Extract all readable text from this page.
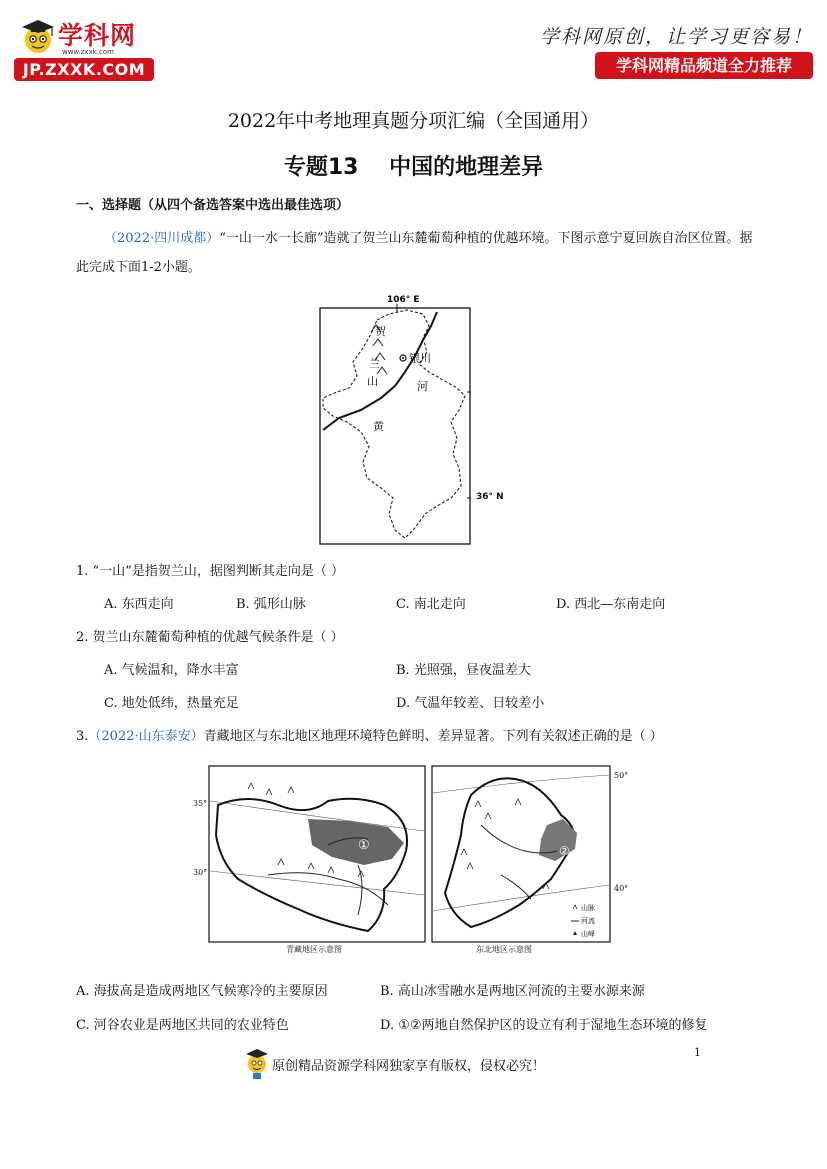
学科网
www.zxxk.com
JP.ZXXK.COM
学科网原创，让学习更容易！
学科网精品频道全力推荐
2022年中考地理真题分项汇编（全国通用）
专题13    中国的地理差异
一、选择题（从四个备选答案中选出最佳选项）
（2022·四川成都）“一山一水一长廊”造就了贺兰山东麓葡萄种植的优越环境。下图示意宁夏回族自治区位置。据此完成下面1-2小题。
106° E
贺
兰
山
银川
河
黄
36° N
1. “一山”是指贺兰山，据图判断其走向是（ ）
A. 东西走向	B. 弧形山脉	C. 南北走向	D. 西北—东南走向
2. 贺兰山东麓葡萄种植的优越气候条件是（ ）
A. 气候温和，降水丰富	B. 光照强，昼夜温差大
C. 地处低纬，热量充足	D. 气温年较差、日较差小
3.（2022·山东泰安）青藏地区与东北地区地理环境特色鲜明、差异显著。下列有关叙述正确的是（ ）
①
35°
30°
青藏地区示意图
②
山脉
河流
山峰
50°
40°
东北地区示意图
A. 海拔高是造成两地区气候寒冷的主要原因	B. 高山冰雪融水是两地区河流的主要水源来源
C. 河谷农业是两地区共同的农业特色	D. ①②两地自然保护区的设立有利于湿地生态环境的修复
原创精品资源学科网独家享有版权，侵权必究！
1
